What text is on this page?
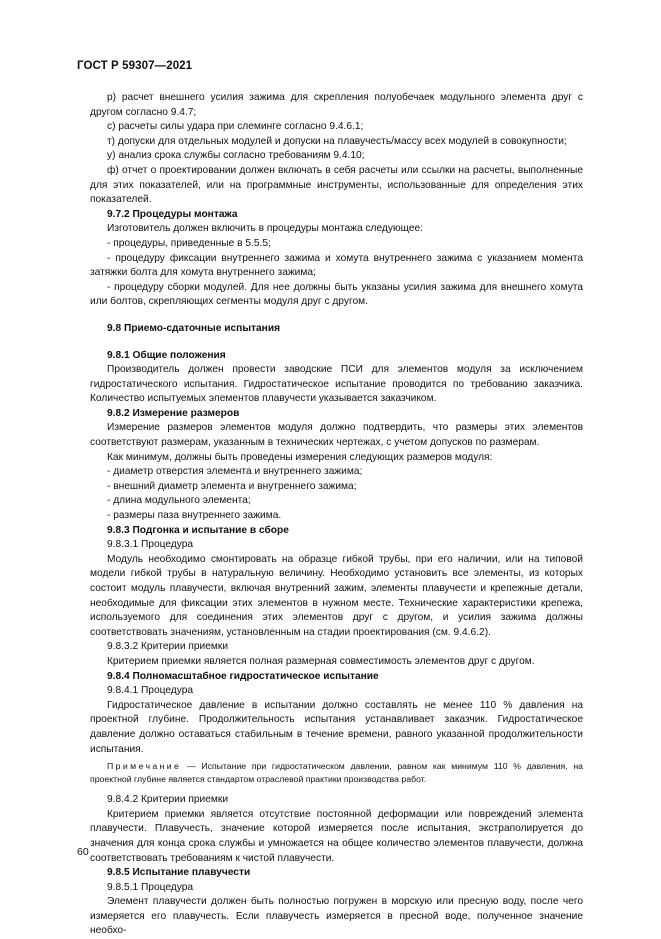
ГОСТ Р 59307—2021

р) расчет внешнего усилия зажима для скрепления полуобечаек модульного элемента друг с другом согласно 9.4.7;

с) расчеты силы удара при слеминге согласно 9.4.6.1;

т) допуски для отдельных модулей и допуски на плавучесть/массу всех модулей в совокупности;

у) анализ срока службы согласно требованиям 9.4.10;

ф) отчет о проектировании должен включать в себя расчеты или ссылки на расчеты, выполненные для этих показателей, или на программные инструменты, использованные для определения этих показателей.

9.7.2 Процедуры монтажа

Изготовитель должен включить в процедуры монтажа следующее:

- процедуры, приведенные в 5.5.5;

- процедуру фиксации внутреннего зажима и хомута внутреннего зажима с указанием момента затяжки болта для хомута внутреннего зажима;

- процедуру сборки модулей. Для нее должны быть указаны усилия зажима для внешнего хомута или болтов, скрепляющих сегменты модуля друг с другом.

9.8 Приемо-сдаточные испытания

9.8.1 Общие положения

Производитель должен провести заводские ПСИ для элементов модуля за исключением гидростатического испытания. Гидростатическое испытание проводится по требованию заказчика. Количество испытуемых элементов плавучести указывается заказчиком.

9.8.2 Измерение размеров

Измерение размеров элементов модуля должно подтвердить, что размеры этих элементов соответствуют размерам, указанным в технических чертежах, с учетом допусков по размерам.

Как минимум, должны быть проведены измерения следующих размеров модуля:

- диаметр отверстия элемента и внутреннего зажима;

- внешний диаметр элемента и внутреннего зажима;

- длина модульного элемента;

- размеры паза внутреннего зажима.

9.8.3 Подгонка и испытание в сборе

9.8.3.1 Процедура

Модуль необходимо смонтировать на образце гибкой трубы, при его наличии, или на типовой модели гибкой трубы в натуральную величину. Необходимо установить все элементы, из которых состоит модуль плавучести, включая внутренний зажим, элементы плавучести и крепежные детали, необходимые для фиксации этих элементов в нужном месте. Технические характеристики крепежа, используемого для соединения этих элементов друг с другом, и усилия зажима должны соответствовать значениям, установленным на стадии проектирования (см. 9.4.6.2).

9.8.3.2 Критерии приемки

Критерием приемки является полная размерная совместимость элементов друг с другом.

9.8.4 Полномасштабное гидростатическое испытание

9.8.4.1 Процедура

Гидростатическое давление в испытании должно составлять не менее 110 % давления на проектной глубине. Продолжительность испытания устанавливает заказчик. Гидростатическое давление должно оставаться стабильным в течение времени, равного указанной продолжительности испытания.

Примечание — Испытание при гидростатическом давлении, равном как минимум 110 % давления, на проектной глубине является стандартом отраслевой практики производства работ.

9.8.4.2 Критерии приемки

Критерием приемки является отсутствие постоянной деформации или повреждений элемента плавучести. Плавучесть, значение которой измеряется после испытания, экстраполируется до значения для конца срока службы и умножается на общее количество элементов плавучести, должна соответствовать требованиям к чистой плавучести.

9.8.5 Испытание плавучести

9.8.5.1 Процедура

Элемент плавучести должен быть полностью погружен в морскую или пресную воду, после чего измеряется его плавучесть. Если плавучесть измеряется в пресной воде, полученное значение необхо-

60
